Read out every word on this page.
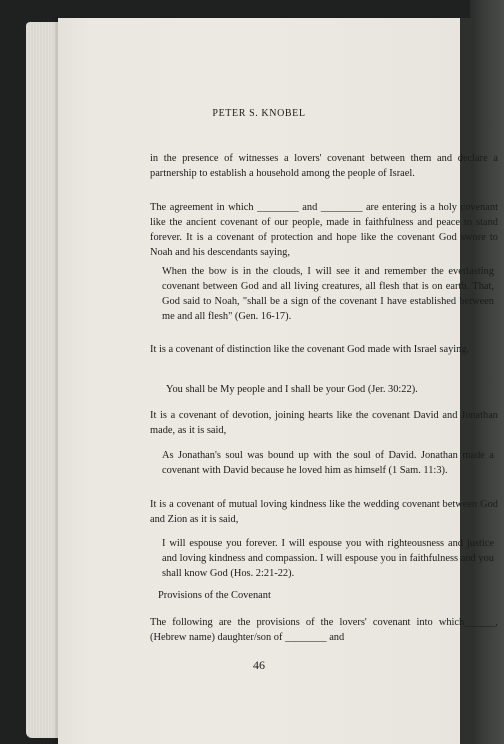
PETER S. KNOBEL

in the presence of witnesses a lovers' covenant between them and declare a partnership to establish a household among the people of Israel.

The agreement in which ________ and ________ are entering is a holy covenant like the ancient covenant of our people, made in faithfulness and peace to stand forever. It is a covenant of protection and hope like the covenant God swore to Noah and his descendants saying,

When the bow is in the clouds, I will see it and remember the everlasting covenant between God and all living creatures, all flesh that is on earth. That, God said to Noah, "shall be a sign of the covenant I have established between me and all flesh" (Gen. 16-17).

It is a covenant of distinction like the covenant God made with Israel saying,

You shall be My people and I shall be your God (Jer. 30:22).

It is a covenant of devotion, joining hearts like the covenant David and Jonathan made, as it is said,

As Jonathan's soul was bound up with the soul of David. Jonathan made a covenant with David because he loved him as himself (1 Sam. 11:3).

It is a covenant of mutual loving kindness like the wedding covenant between God and Zion as it is said,

I will espouse you forever. I will espouse you with righteousness and justice and loving kindness and compassion. I will espouse you in faithfulness and you shall know God (Hos. 2:21-22).

Provisions of the Covenant

The following are the provisions of the lovers' covenant into which______, (Hebrew name) daughter/son of ________ and

46
